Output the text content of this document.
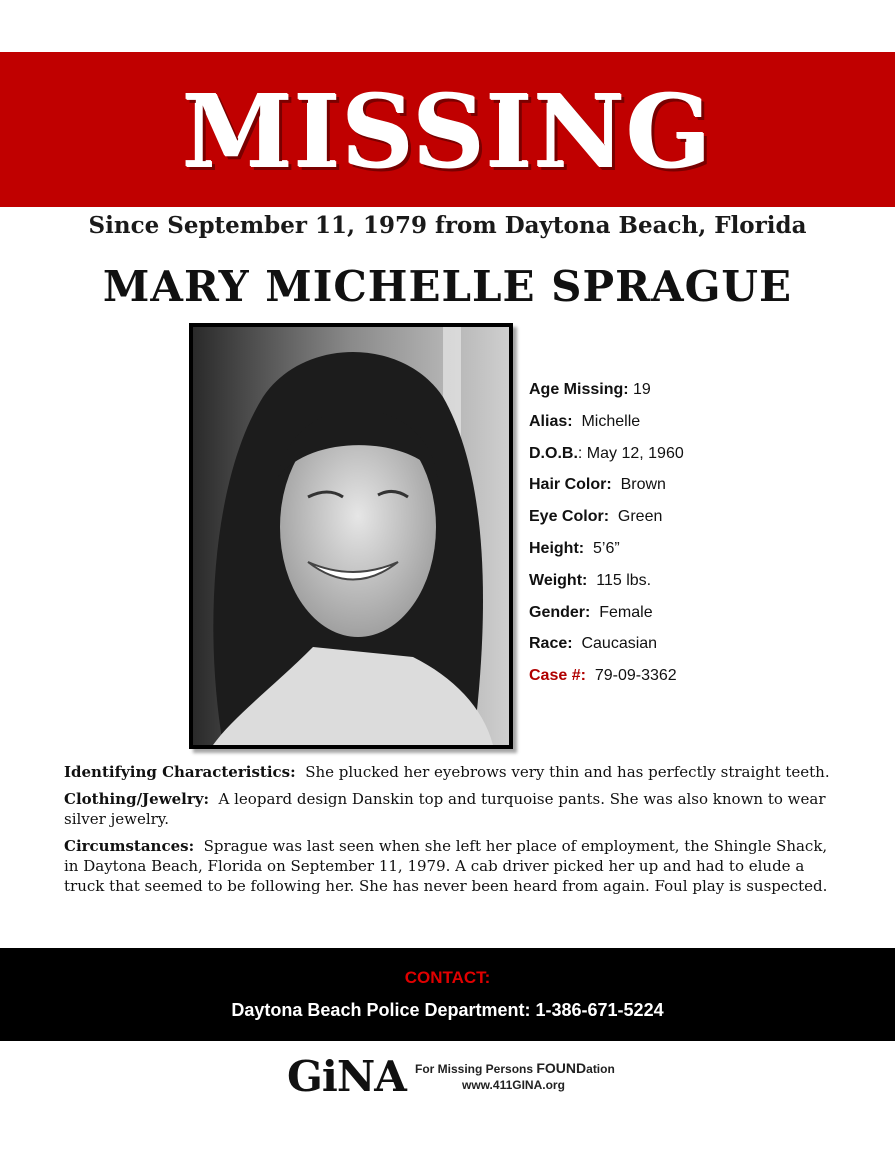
MISSING
Since September 11, 1979 from Daytona Beach, Florida
MARY MICHELLE SPRAGUE
Age Missing: 19
Alias:  Michelle
D.O.B.: May 12, 1960
Hair Color:  Brown
Eye Color:  Green
Height:  5’6”
Weight:  115 lbs.
Gender:  Female
Race:  Caucasian
Case #:  79-09-3362

Identifying Characteristics:  She plucked her eyebrows very thin and has perfectly straight teeth.

Clothing/Jewelry:  A leopard design Danskin top and turquoise pants. She was also known to wear silver jewelry.

Circumstances:  Sprague was last seen when she left her place of employment, the Shingle Shack, in Daytona Beach, Florida on September 11, 1979. A cab driver picked her up and had to elude a truck that seemed to be following her. She has never been heard from again. Foul play is suspected.

CONTACT:
Daytona Beach Police Department: 1-386-671-5224
GiNA For Missing Persons FOUNDation
www.411GINA.org
